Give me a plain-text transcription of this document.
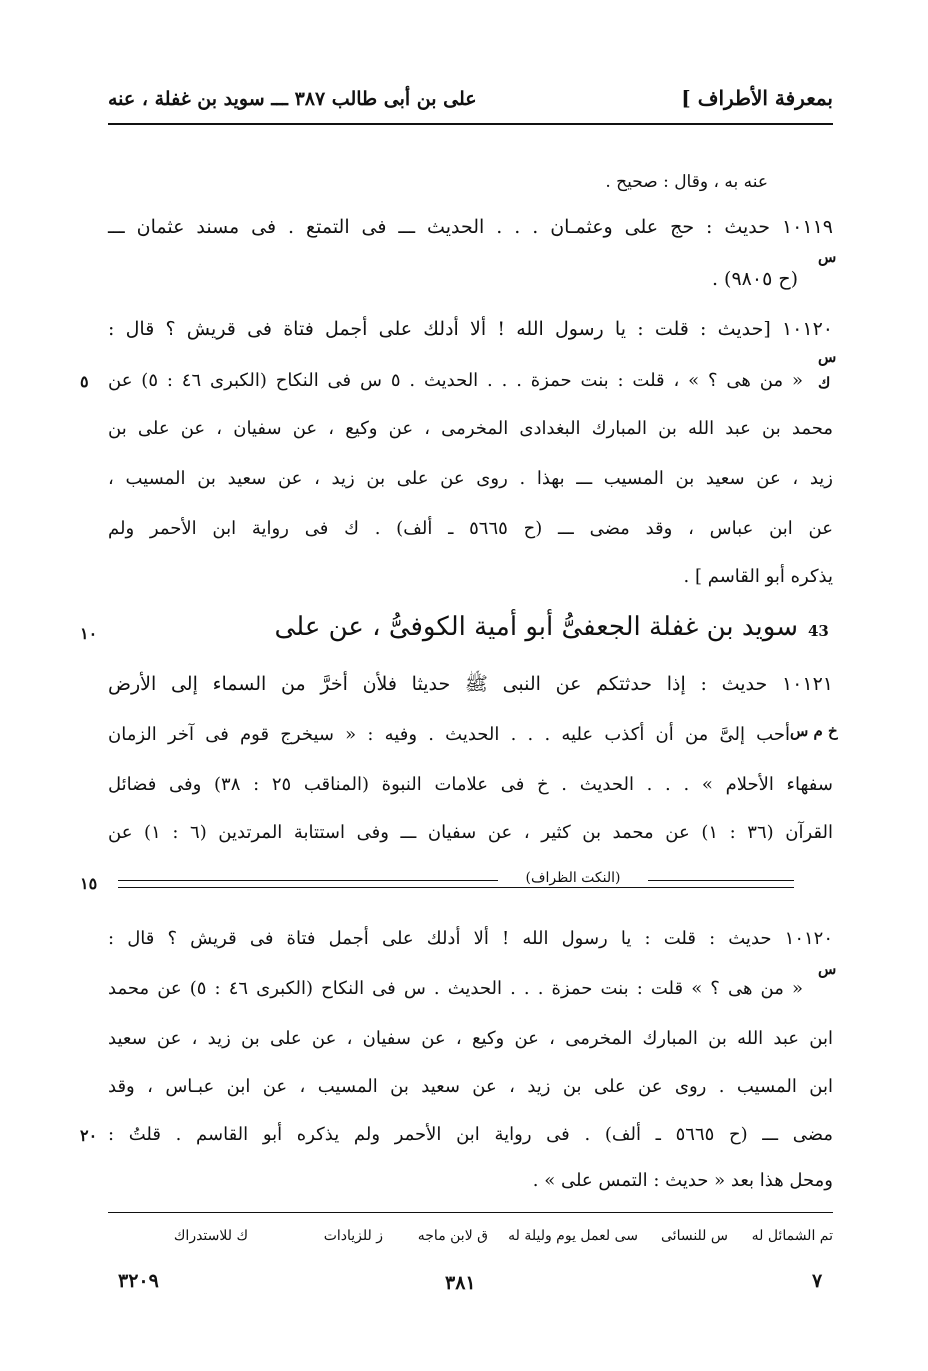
بمعرفة الأطراف ]
على بن أبى طالب ٣٨٧ ـــ سويد بن غفلة ، عنه
عنه به ، وقال : صحيح .
١٠١١٩ حديث : حج على وعثمـان . . . الحديث ـــ فى التمتع . فى مسند عثمان ـــ
س
(ح ٩٨٠٥) .
١٠١٢٠ [حديث : قلت : يا رسول الله ! ألا أدلك على أجمل فتاة فى قريش ؟ قال :
س
ك
« من هى ؟ » ، قلت : بنت حمزة . . . الحديث . ٥ س فى النكاح (الكبرى ٤٦ : ٥) عن
٥
محمد بن عبد الله بن المبارك البغدادى المخرمى ، عن وكيع ، عن سفيان ، عن على بن
زيد ، عن سعيد بن المسيب ـــ بهذا . روى عن على بن زيد ، عن سعيد بن المسيب ،
عن ابن عباس ، وقد مضى ـــ (ح ٥٦٦٥ ـ ألف) . ك فى رواية ابن الأحمر ولم
يذكره أبو القاسم ] .
43
سويد بن غفلة الجعفىُّ أبو أمية الكوفىُّ ، عن على
١٠
١٠١٢١ حديث : إذا حدثتكم عن النبى ﷺ حديثا فلأن أخرَّ من السماء إلى الأرض
خ م س
أحب إلىَّ من أن أكذب عليه . . . الحديث . وفيه : « سيخرج قوم فى آخر الزمان
سفهاء الأحلام » . . . الحديث . خ فى علامات النبوة (المناقب ٢٥ : ٣٨) وفى فضائل
القرآن (٣٦ : ١) عن محمد بن كثير ، عن سفيان ـــ وفى استتابة المرتدين (٦ : ١) عن
(النكت الظراف)
١٥
١٠١٢٠ حديث : قلت : يا رسول الله ! ألا أدلك على أجمل فتاة فى قريش ؟ قال :
س
« من هى ؟ » قلت : بنت حمزة . . . الحديث . س فى النكاح (الكبرى ٤٦ : ٥) عن محمد
ابن عبد الله بن المبارك المخرمى ، عن وكيع ، عن سفيان ، عن على بن زيد ، عن سعيد
ابن المسيب . روى عن على بن زيد ، عن سعيد بن المسيب ، عن ابن عبـاس ، وقد
مضى ـــ (ح ٥٦٦٥ ـ ألف) . فى رواية ابن الأحمر ولم يذكره أبو القاسم . قلتُ :
٢٠
ومحل هذا بعد « حديث : التمس على » .
تم الشمائل له
س للنسائى
سى لعمل يوم وليلة له
ق لابن ماجه
ز للزيادات
ك للاستدراك
٣٢٠٩	٣٨١	٧
